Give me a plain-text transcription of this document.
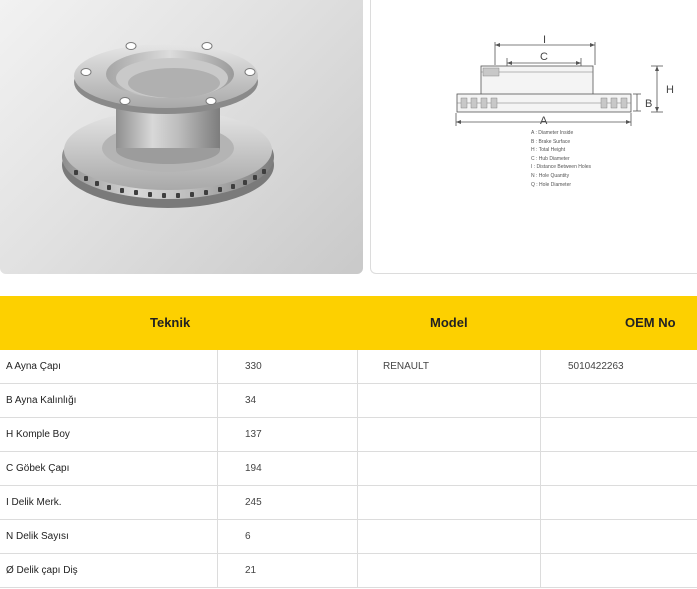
I
C
H
B
A
A : Diameter Inside
B : Brake Surface
H : Total Height
C : Hub Diameter
I : Distance Between Holes
N : Hole Quantity
Q : Hole Diameter
Teknik	Model	OEM No
A Ayna Çapı	330	RENAULT	5010422263
B Ayna Kalınlığı	34		
H Komple Boy	137		
C Göbek Çapı	194		
I Delik Merk.	245		
N Delik Sayısı	6		
Ø Delik çapı Diş	21		
